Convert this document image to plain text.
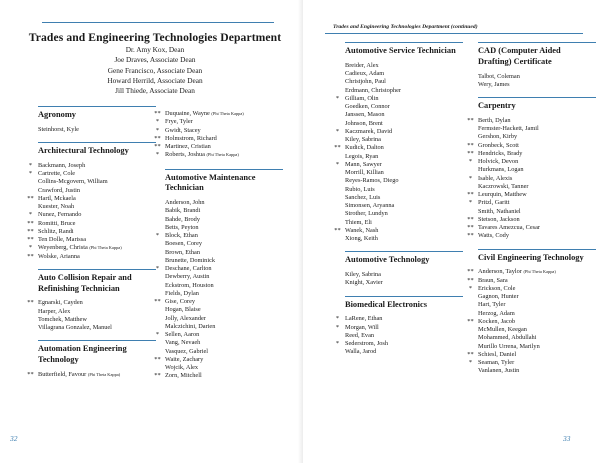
Trades and Engineering Technologies Department
Dr. Amy Kox, Dean
Joe Draves, Associate Dean
Gene Francisco, Associate Dean
Howard Herrild, Associate Dean
Jill Thiede, Associate Dean
Agronomy
Steinhorst, Kyle
Architectural Technology
* Backmann, Joseph
* Cartrette, Cole
Collins-Mcgovern, William
Crawford, Justin
** Hartl, Mckaela
Kuester, Noah
* Nunez, Fernando
** Romitti, Bruce
** Schlitz, Randi
** Ten Dolle, Marissa
* Weyenberg, Christa (Phi Theta Kappa)
** Wolske, Arianna
Auto Collision Repair and Refinishing Technician
** Egnarski, Cayden
Harper, Alex
Tomchek, Matthew
Villagrana Gonzalez, Manuel
Automation Engineering Technology
** Butterfield, Favour (Phi Theta Kappa)
** Duquaine, Wayne (Phi Theta Kappa)
* Frye, Tyler
* Gwidt, Stacey
** Holmstrom, Richard
** Martinez, Cristian
* Roberts, Joshua (Phi Theta Kappa)
Automotive Maintenance Technician
Anderson, John
Babik, Brandi
Bahde, Brody
Betts, Peyton
* Block, Ethan
Boesen, Corey
Brown, Ethan
Brunette, Dominick
* Deschane, Carlton
Dewberry, Austin
Eckstrom, Houston
Fields, Dylan
** Gise, Corey
Hogan, Blaise
Jolly, Alexander
Malczichini, Darien
* Sellen, Aaron
Vang, Nevaeh
Vasquez, Gabriel
** Waite, Zachary
Wojcik, Alex
** Zorn, Mitchell
32
Trades and Engineering Technologies Department (continued)
Automotive Service Technician
Breider, Alex
Cadieux, Adam
Christjohn, Paul
Erdmann, Christopher
* Gilliam, Olin
Goedken, Connor
Janssen, Mason
Johnson, Brent
* Kaczmarek, David
Kiley, Sabrina
** Kudick, Dalton
Legois, Ryan
* Mann, Sawyer
Morrill, Killian
Reyes-Ramos, Diego
Rubio, Luis
Sanchez, Luis
Simonsen, Aryanna
Strother, Lundyn
Thiem, Eli
** Wanek, Nash
Xiong, Keith
Automotive Technology
Kiley, Sabrina
Knight, Xavier
Biomedical Electronics
* LaRene, Ethan
* Morgan, Will
Reed, Evan
* Sederstrom, Josh
Walla, Jarod
CAD (Computer Aided Drafting) Certificate
Talbot, Coleman
Wery, James
Carpentry
** Berth, Dylan
Fermster-Hackett, Jamil
Gershon, Kirby
** Gronbeck, Scott
** Hendricks, Brady
* Holvick, Devon
Hurkmans, Logan
* Isable, Alexis
Kaczrowski, Tanner
** Leurquin, Matthew
* Pritzl, Garitt
Smith, Nathaniel
** Stetson, Jackson
** Tavares Amezcua, Cesar
** Watts, Cody
Civil Engineering Technology
** Anderson, Taylor (Phi Theta Kappa)
** Braun, Sara
* Erickson, Cole
Gagnon, Hunter
Hart, Tyler
Herzog, Adam
** Kocken, Jacob
McMullen, Keegan
Mohammed, Abdullahi
Murillo Urrena, Marilyn
** Schiesl, Daniel
* Seaman, Tyler
Vanlanen, Justin
33
